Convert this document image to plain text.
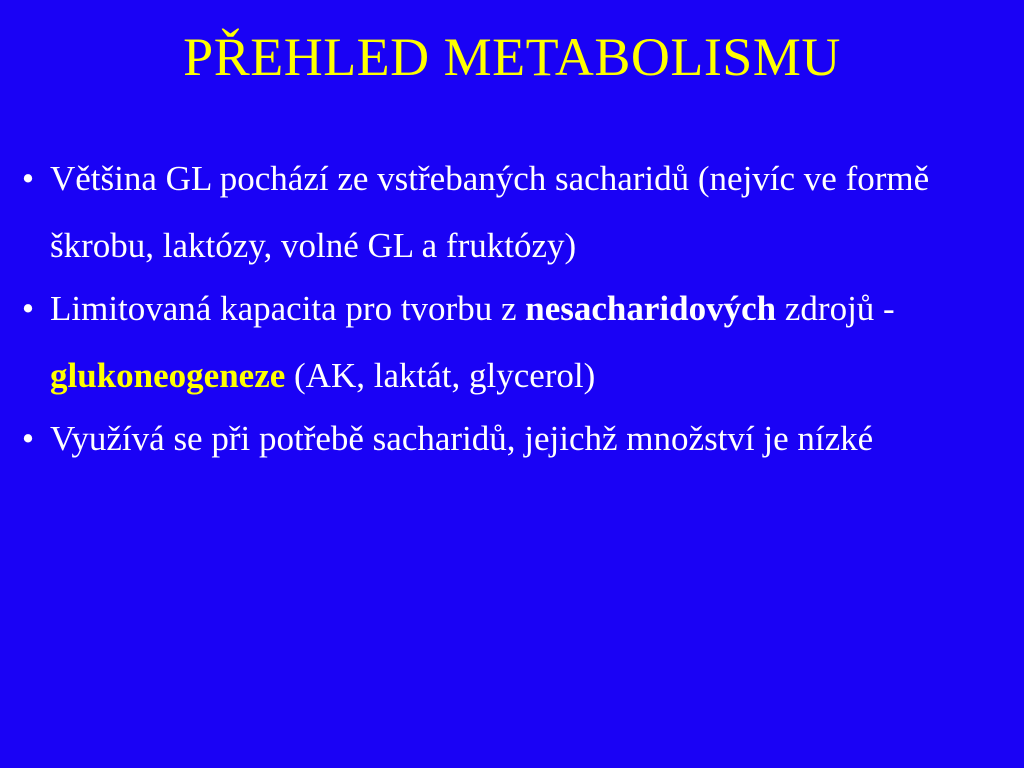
PŘEHLED METABOLISMU
• Většina GL pochází ze vstřebaných sacharidů (nejvíc ve formě škrobu, laktózy, volné GL a fruktózy)
• Limitovaná kapacita pro tvorbu z nesacharidových zdrojů - glukoneogeneze (AK, laktát, glycerol)
• Využívá se při potřebě sacharidů, jejichž množství je nízké
